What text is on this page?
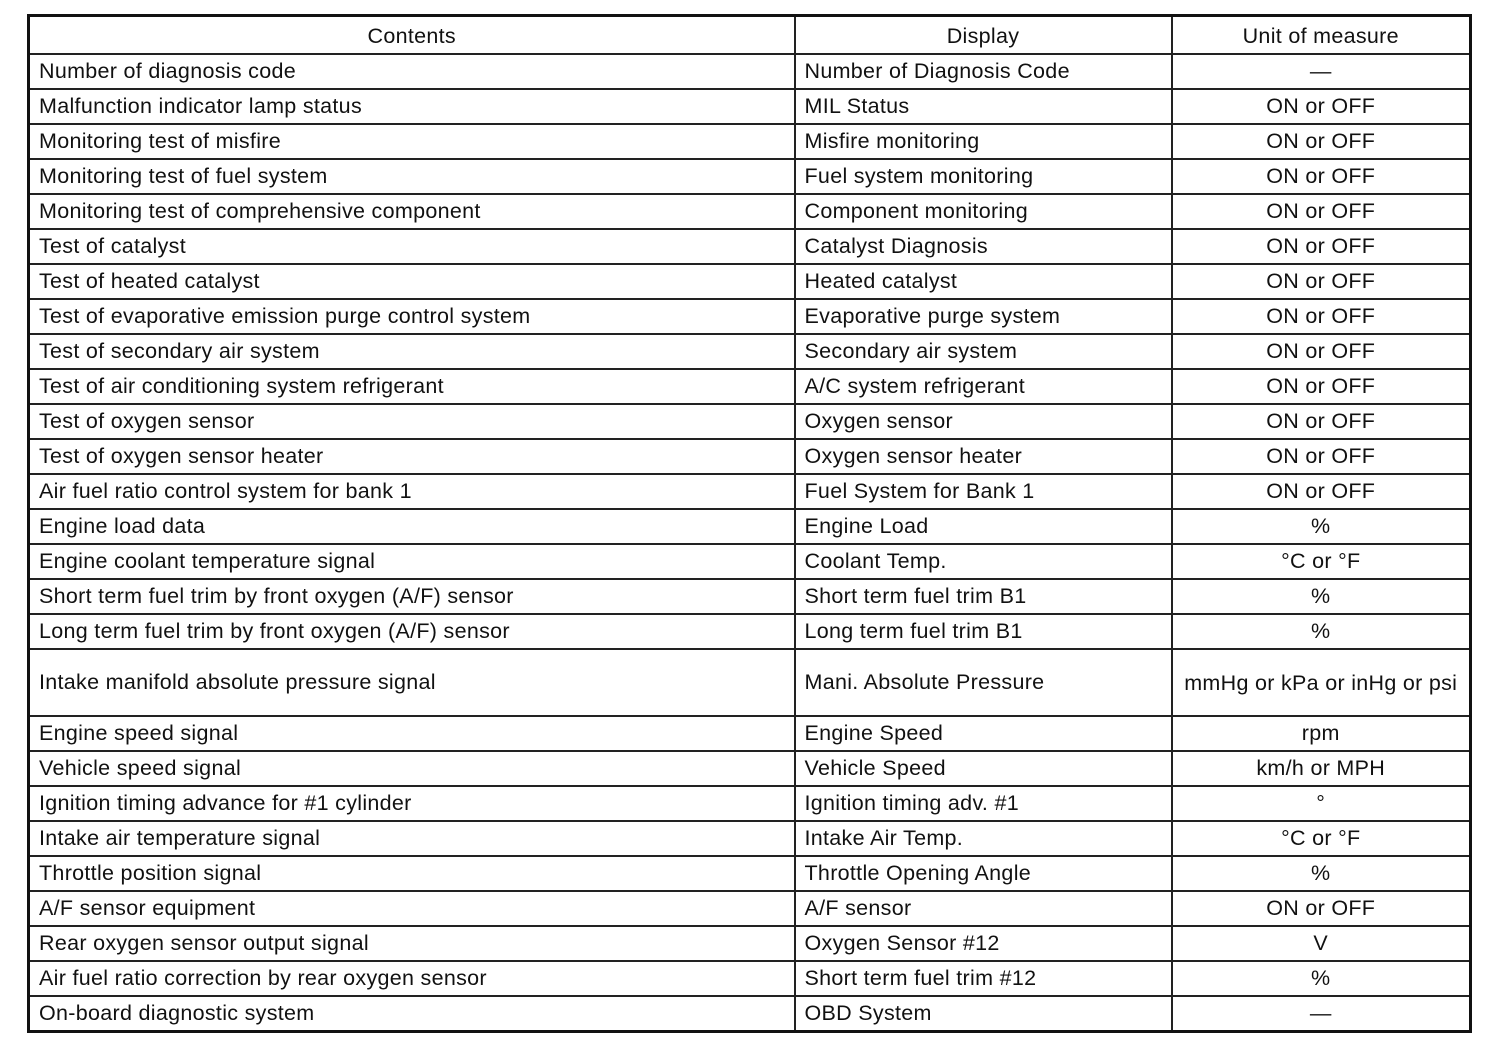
Contents	Display	Unit of measure
Number of diagnosis code	Number of Diagnosis Code	—
Malfunction indicator lamp status	MIL Status	ON or OFF
Monitoring test of misfire	Misfire monitoring	ON or OFF
Monitoring test of fuel system	Fuel system monitoring	ON or OFF
Monitoring test of comprehensive component	Component monitoring	ON or OFF
Test of catalyst	Catalyst Diagnosis	ON or OFF
Test of heated catalyst	Heated catalyst	ON or OFF
Test of evaporative emission purge control system	Evaporative purge system	ON or OFF
Test of secondary air system	Secondary air system	ON or OFF
Test of air conditioning system refrigerant	A/C system refrigerant	ON or OFF
Test of oxygen sensor	Oxygen sensor	ON or OFF
Test of oxygen sensor heater	Oxygen sensor heater	ON or OFF
Air fuel ratio control system for bank 1	Fuel System for Bank 1	ON or OFF
Engine load data	Engine Load	%
Engine coolant temperature signal	Coolant Temp.	°C or °F
Short term fuel trim by front oxygen (A/F) sensor	Short term fuel trim B1	%
Long term fuel trim by front oxygen (A/F) sensor	Long term fuel trim B1	%
Intake manifold absolute pressure signal	Mani. Absolute Pressure	mmHg or kPa or inHg or psi
Engine speed signal	Engine Speed	rpm
Vehicle speed signal	Vehicle Speed	km/h or MPH
Ignition timing advance for #1 cylinder	Ignition timing adv. #1	°
Intake air temperature signal	Intake Air Temp.	°C or °F
Throttle position signal	Throttle Opening Angle	%
A/F sensor equipment	A/F sensor	ON or OFF
Rear oxygen sensor output signal	Oxygen Sensor #12	V
Air fuel ratio correction by rear oxygen sensor	Short term fuel trim #12	%
On-board diagnostic system	OBD System	—
